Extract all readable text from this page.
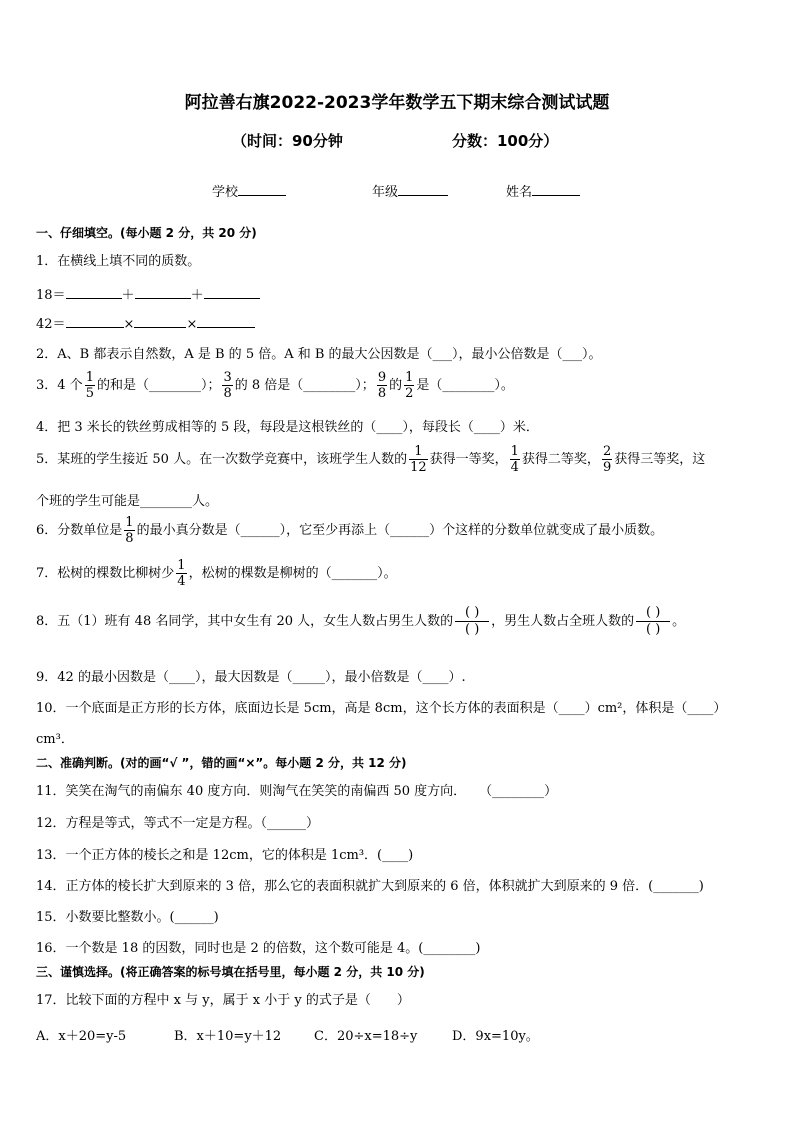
阿拉善右旗2022-2023学年数学五下期末综合测试试题
（时间：90分钟	分数：100分）
学校	年级	姓名
一、仔细填空。(每小题 2 分，共 20 分)
1．在横线上填不同的质数。
18＝	＋	＋
42＝	×	×
2．A、B 都表示自然数，A 是 B 的 5 倍。A 和 B 的最大公因数是（___），最小公倍数是（___）。
3．4 个 $\frac{1}{5}$ 的和是（________）； $\frac{3}{8}$ 的 8 倍是（________）； $\frac{9}{8}$ 的 $\frac{1}{2}$ 是（________）。
4．把 3 米长的铁丝剪成相等的 5 段，每段是这根铁丝的（____），每段长（____）米．
5．某班的学生接近 50 人。在一次数学竞赛中，该班学生人数的 $\frac{1}{12}$ 获得一等奖， $\frac{1}{4}$ 获得二等奖， $\frac{2}{9}$ 获得三等奖，这
个班的学生可能是________人。
6．分数单位是 $\frac{1}{8}$ 的最小真分数是（______），它至少再添上（______）个这样的分数单位就变成了最小质数。
7．松树的棵数比柳树少 $\frac{1}{4}$ ，松树的棵数是柳树的（_______）。
8．五（1）班有 48 名同学，其中女生有 20 人，女生人数占男生人数的
( )
( )
，男生人数占全班人数的
( )
( )
。
9．42 的最小因数是（____），最大因数是（_____），最小倍数是（____）.
10．一个底面是正方形的长方体，底面边长是 5cm，高是 8cm，这个长方体的表面积是（____）cm²，体积是（____）
cm³．
二、准确判断。(对的画“√ ”，错的画“×”。每小题 2 分，共 12 分)
11．笑笑在淘气的南偏东 40 度方向．则淘气在笑笑的南偏西 50 度方向．　　（________）
12．方程是等式，等式不一定是方程。（______）
13．一个正方体的棱长之和是 12cm，它的体积是 1cm³．(____)
14．正方体的棱长扩大到原来的 3 倍，那么它的表面积就扩大到原来的 6 倍，体积就扩大到原来的 9 倍．(_______)
15．小数要比整数小。(______)
16．一个数是 18 的因数，同时也是 2 的倍数，这个数可能是 4。(________)
三、谨慎选择。(将正确答案的标号填在括号里，每小题 2 分，共 10 分)
17．比较下面的方程中 x 与 y，属于 x 小于 y 的式子是（　　）
A．x＋20=y-5	B．x＋10=y＋12	C．20÷x=18÷y	D．9x=10y。
